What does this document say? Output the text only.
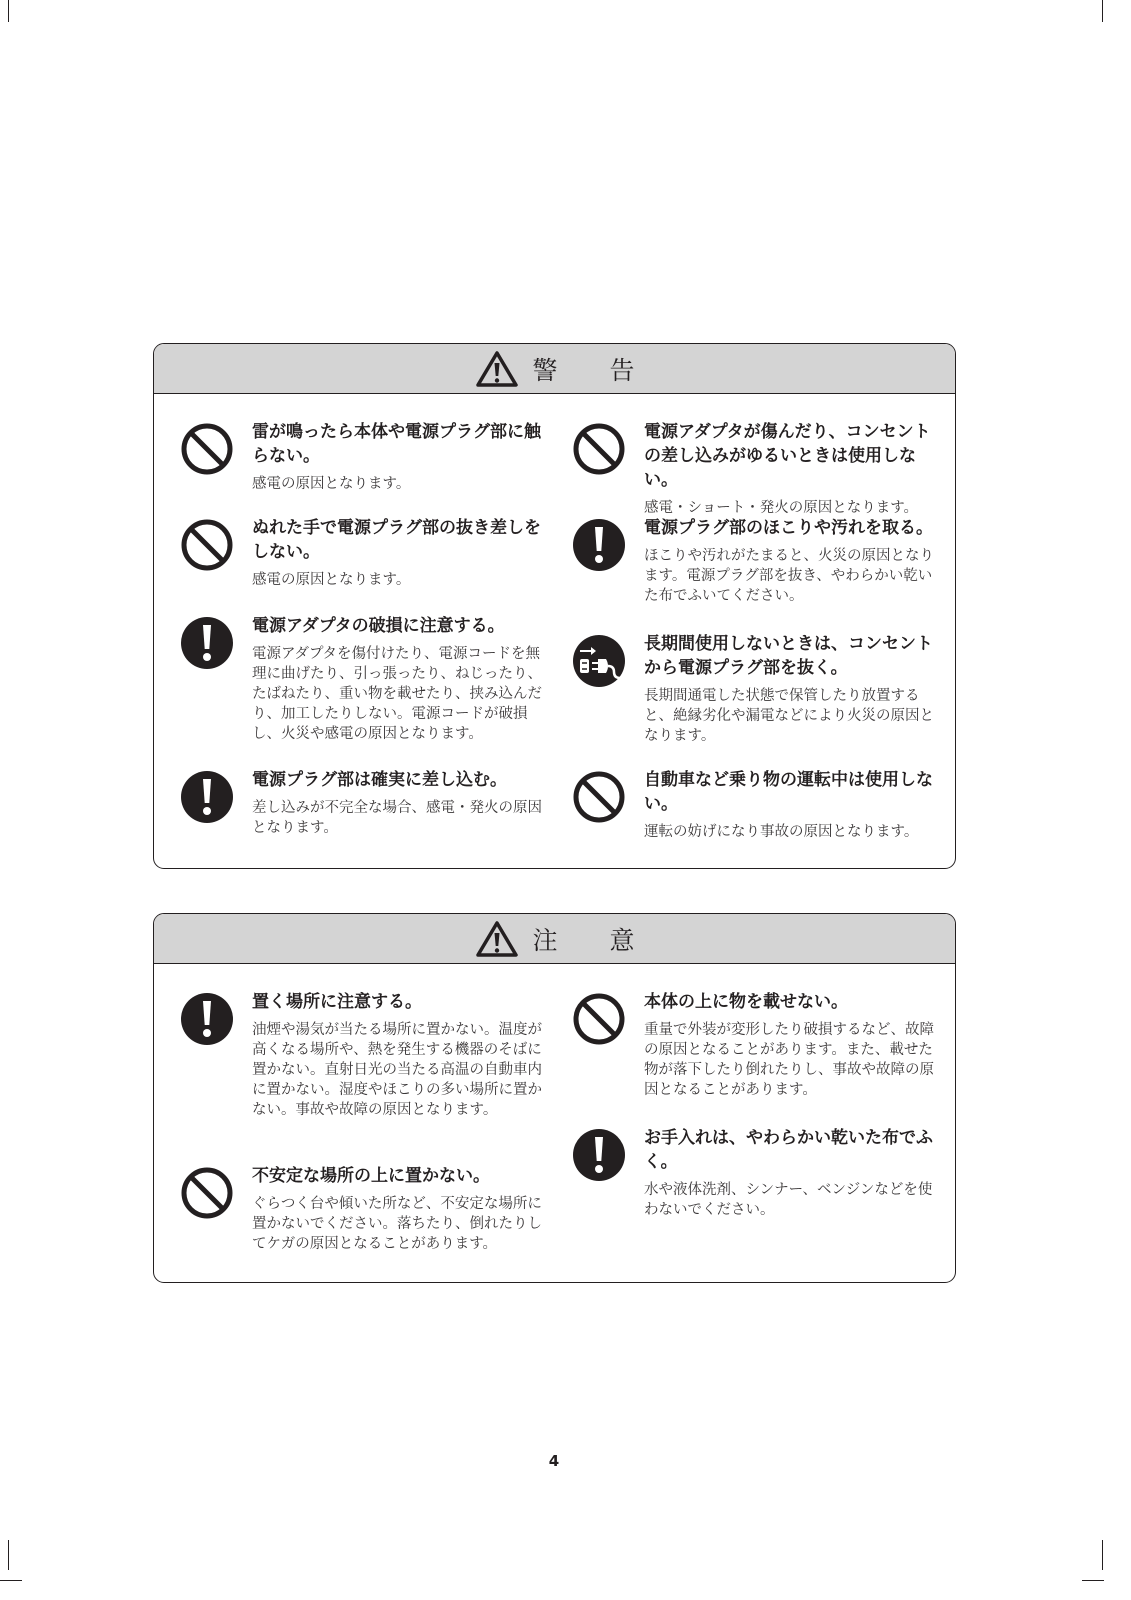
警 告
雷が鳴ったら本体や電源プラグ部に触らない。
感電の原因となります。
ぬれた手で電源プラグ部の抜き差しをしない。
感電の原因となります。
電源アダプタの破損に注意する。
電源アダプタを傷付けたり、電源コードを無理に曲げたり、引っ張ったり、ねじったり、たばねたり、重い物を載せたり、挟み込んだり、加工したりしない。電源コードが破損し、火災や感電の原因となります。
電源プラグ部は確実に差し込む。
差し込みが不完全な場合、感電・発火の原因となります。
電源アダプタが傷んだり、コンセントの差し込みがゆるいときは使用しない。
感電・ショート・発火の原因となります。
電源プラグ部のほこりや汚れを取る。
ほこりや汚れがたまると、火災の原因となります。電源プラグ部を抜き、やわらかい乾いた布でふいてください。
長期間使用しないときは、コンセントから電源プラグ部を抜く。
長期間通電した状態で保管したり放置すると、絶縁劣化や漏電などにより火災の原因となります。
自動車など乗り物の運転中は使用しない。
運転の妨げになり事故の原因となります。
注 意
置く場所に注意する。
油煙や湯気が当たる場所に置かない。温度が高くなる場所や、熱を発生する機器のそばに置かない。直射日光の当たる高温の自動車内に置かない。湿度やほこりの多い場所に置かない。事故や故障の原因となります。
不安定な場所の上に置かない。
ぐらつく台や傾いた所など、不安定な場所に置かないでください。落ちたり、倒れたりしてケガの原因となることがあります。
本体の上に物を載せない。
重量で外装が変形したり破損するなど、故障の原因となることがあります。また、載せた物が落下したり倒れたりし、事故や故障の原因となることがあります。
お手入れは、やわらかい乾いた布でふく。
水や液体洗剤、シンナー、ベンジンなどを使わないでください。
4
